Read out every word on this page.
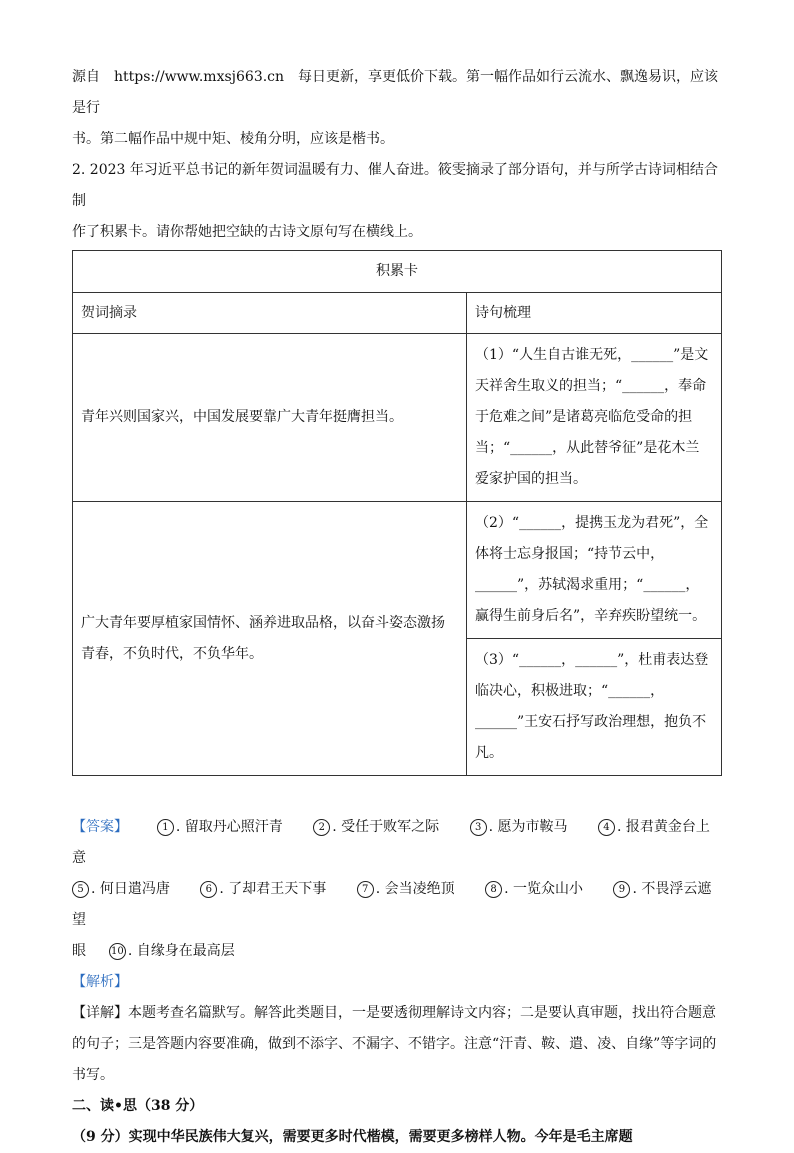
源自　https://www.mxsj663.cn　每日更新，享更低价下载。第一幅作品如行云流水、飘逸易识，应该是行

书。第二幅作品中规中矩、棱角分明，应该是楷书。

2. 2023 年习近平总书记的新年贺词温暖有力、催人奋进。筱雯摘录了部分语句，并与所学古诗词相结合制

作了积累卡。请你帮她把空缺的古诗文原句写在横线上。

积累卡	
贺词摘录	诗句梳理
青年兴则国家兴，中国发展要靠广大青年挺膺担当。	（1）“人生自古谁无死，______”是文天祥舍生取义的担当；“______，奉命于危难之间”是诸葛亮临危受命的担当；“______，从此替爷征”是花木兰爱家护国的担当。
广大青年要厚植家国情怀、涵养进取品格，以奋斗姿态激扬青春，不负时代，不负华年。	（2）“______，提携玉龙为君死”，全体将士忘身报国；“持节云中，______”，苏轼渴求重用；“______，赢得生前身后名”，辛弃疾盼望统一。
	（3）“______，______”，杜甫表达登临决心，积极进取；“______，______”王安石抒写政治理想，抱负不凡。

【答案】	1 . 留取丹心照汗青	2 . 受任于败军之际	3 . 愿为市鞍马	4 . 报君黄金台上意

5 . 何日遣冯唐	6 . 了却君王天下事	7 . 会当凌绝顶	8 . 一览众山小	9 . 不畏浮云遮望

眼	10 . 自缘身在最高层

【解析】

【详解】本题考查名篇默写。解答此类题目，一是要透彻理解诗文内容；二是要认真审题，找出符合题意的句子；三是答题内容要准确，做到不添字、不漏字、不错字。注意“汗青、鞍、遣、凌、自缘”等字词的书写。

二、读•思（38 分）

（9 分）实现中华民族伟大复兴，需要更多时代楷模，需要更多榜样人物。今年是毛主席题
